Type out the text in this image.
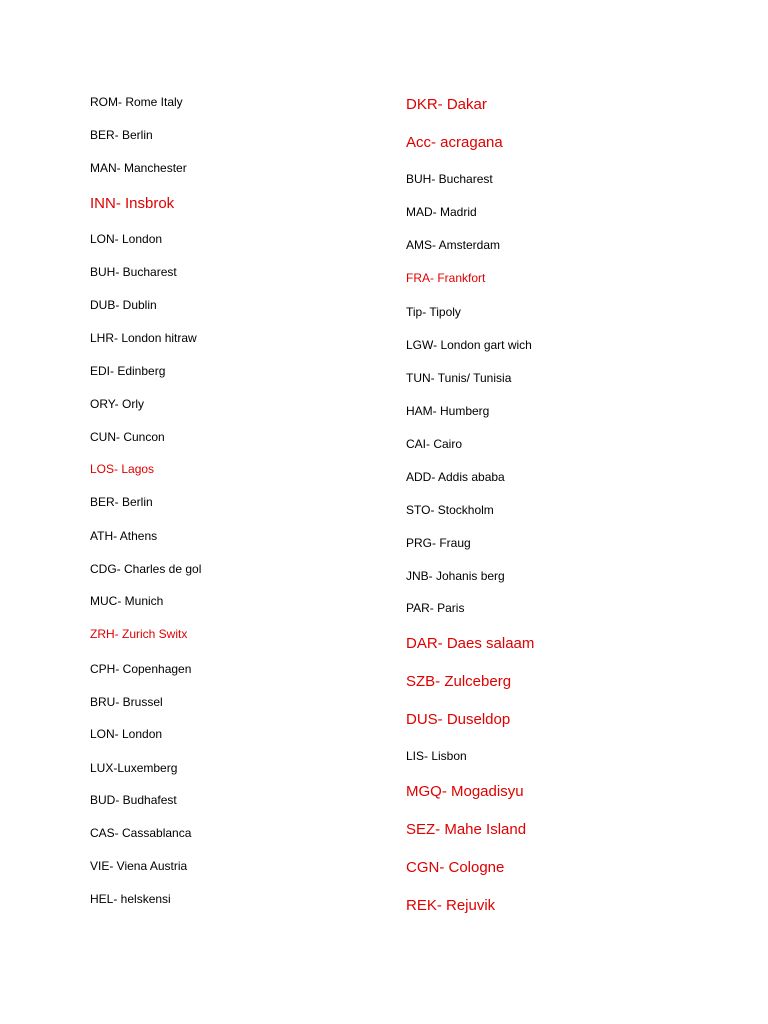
ROM- Rome Italy
BER- Berlin
MAN- Manchester
INN- Insbrok
LON- London
BUH- Bucharest
DUB- Dublin
LHR- London hitraw
EDI- Edinberg
ORY- Orly
CUN- Cuncon
LOS- Lagos
BER- Berlin
ATH- Athens
CDG- Charles de gol
MUC- Munich
ZRH- Zurich Switx
CPH- Copenhagen
BRU- Brussel
LON- London
LUX-Luxemberg
BUD- Budhafest
CAS- Cassablanca
VIE- Viena Austria
HEL- helskensi
DKR- Dakar
Acc- acragana
BUH- Bucharest
MAD- Madrid
AMS- Amsterdam
FRA- Frankfort
Tip- Tipoly
LGW- London gart wich
TUN- Tunis/ Tunisia
HAM- Humberg
CAI- Cairo
ADD- Addis ababa
STO- Stockholm
PRG- Fraug
JNB- Johanis berg
PAR- Paris
DAR- Daes salaam
SZB- Zulceberg
DUS- Duseldop
LIS- Lisbon
MGQ- Mogadisyu
SEZ- Mahe Island
CGN- Cologne
REK- Rejuvik
